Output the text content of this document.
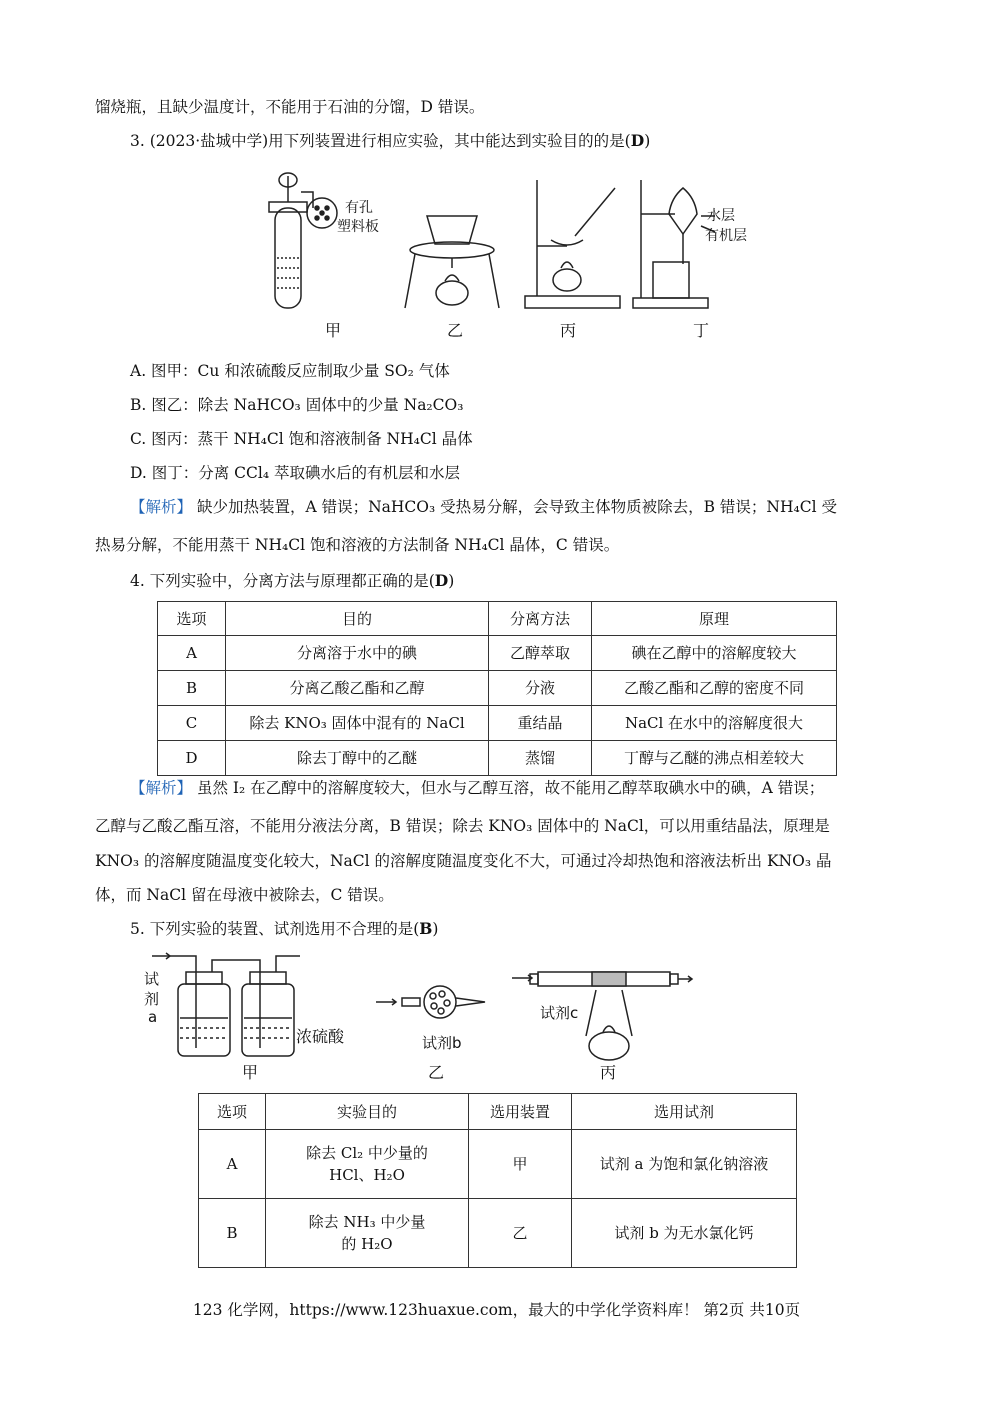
馏烧瓶，且缺少温度计，不能用于石油的分馏，D 错误。
3. (2023·盐城中学)用下列装置进行相应实验，其中能达到实验目的的是(D)
有孔
塑料板
甲	乙	丙
水层
有机层
丁
A. 图甲：Cu 和浓硫酸反应制取少量 SO₂ 气体
B. 图乙：除去 NaHCO₃ 固体中的少量 Na₂CO₃
C. 图丙：蒸干 NH₄Cl 饱和溶液制备 NH₄Cl 晶体
D. 图丁：分离 CCl₄ 萃取碘水后的有机层和水层
【解析】 缺少加热装置，A 错误；NaHCO₃ 受热易分解，会导致主体物质被除去，B 错误；NH₄Cl 受
热易分解，不能用蒸干 NH₄Cl 饱和溶液的方法制备 NH₄Cl 晶体，C 错误。
4. 下列实验中，分离方法与原理都正确的是(D)
选项	目的	分离方法	原理
A	分离溶于水中的碘	乙醇萃取	碘在乙醇中的溶解度较大
B	分离乙酸乙酯和乙醇	分液	乙酸乙酯和乙醇的密度不同
C	除去 KNO₃ 固体中混有的 NaCl	重结晶	NaCl 在水中的溶解度很大
D	除去丁醇中的乙醚	蒸馏	丁醇与乙醚的沸点相差较大
【解析】 虽然 I₂ 在乙醇中的溶解度较大，但水与乙醇互溶，故不能用乙醇萃取碘水中的碘，A 错误；
乙醇与乙酸乙酯互溶，不能用分液法分离，B 错误；除去 KNO₃ 固体中的 NaCl，可以用重结晶法，原理是
KNO₃ 的溶解度随温度变化较大，NaCl 的溶解度随温度变化不大，可通过冷却热饱和溶液法析出 KNO₃ 晶
体，而 NaCl 留在母液中被除去，C 错误。
5. 下列实验的装置、试剂选用不合理的是(B)
试
剂
a
浓硫酸
甲
试剂b
乙
试剂c
丙
选项	实验目的	选用装置	选用试剂
A	除去 Cl₂ 中少量的
HCl、H₂O	甲	试剂 a 为饱和氯化钠溶液
B	除去 NH₃ 中少量
的 H₂O	乙	试剂 b 为无水氯化钙
123 化学网，https://www.123huaxue.com，最大的中学化学资料库！ 第2页 共10页
